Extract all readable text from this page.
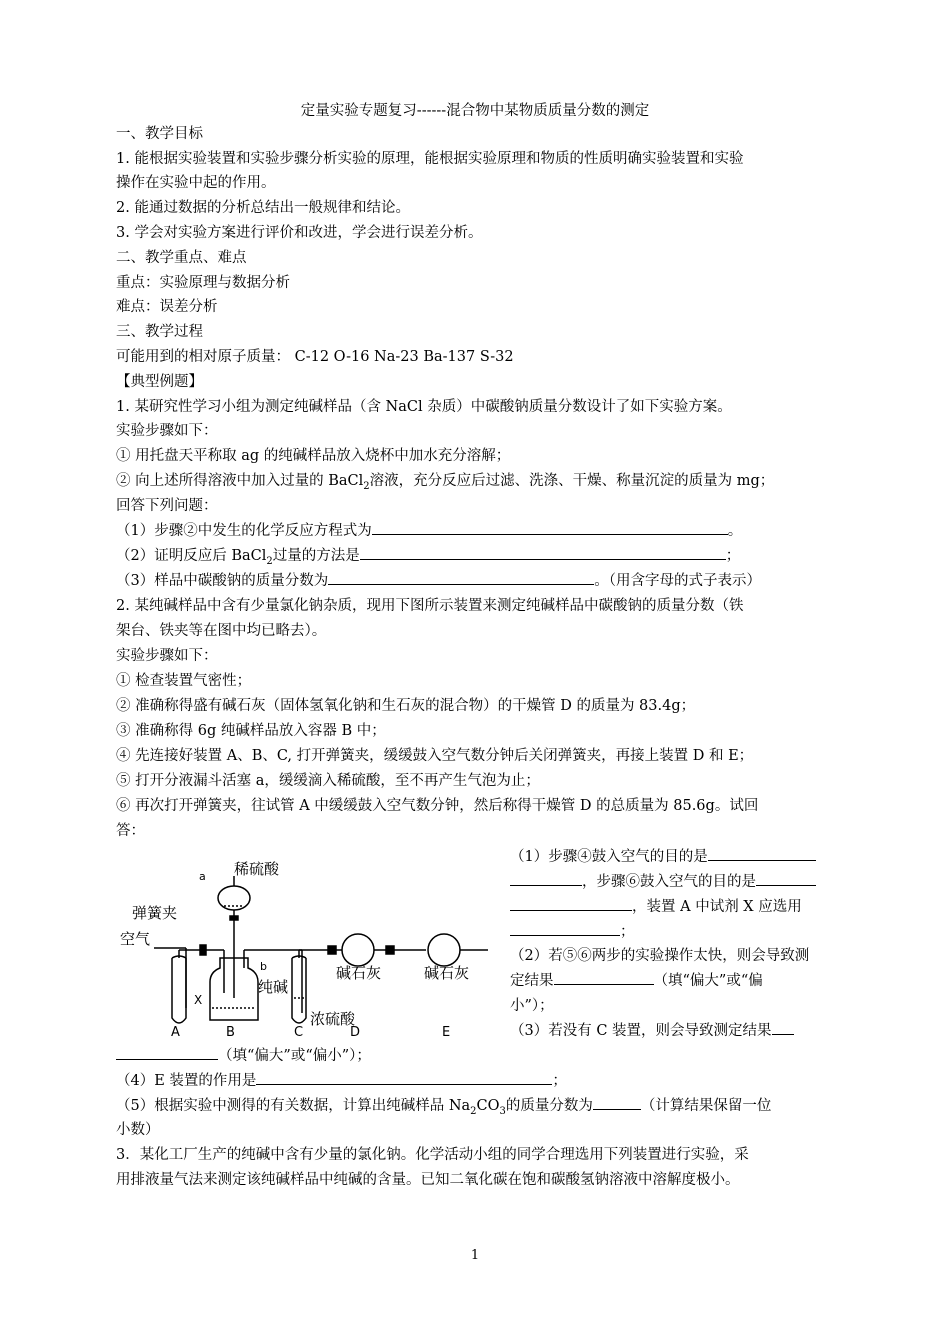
定量实验专题复习------混合物中某物质质量分数的测定
一、教学目标
1. 能根据实验装置和实验步骤分析实验的原理，能根据实验原理和物质的性质明确实验装置和实验
操作在实验中起的作用。
2. 能通过数据的分析总结出一般规律和结论。
3. 学会对实验方案进行评价和改进，学会进行误差分析。
二、教学重点、难点
重点：实验原理与数据分析
难点：误差分析
三、教学过程
可能用到的相对原子质量： C-12 O-16 Na-23 Ba-137 S-32
【典型例题】
1. 某研究性学习小组为测定纯碱样品（含 NaCl 杂质）中碳酸钠质量分数设计了如下实验方案。
实验步骤如下：
① 用托盘天平称取 ag 的纯碱样品放入烧杯中加水充分溶解；
② 向上述所得溶液中加入过量的 BaCl$_2$溶液，充分反应后过滤、洗涤、干燥、称量沉淀的质量为 mg；
回答下列问题：
（1）步骤②中发生的化学反应方程式为	。
（2）证明反应后 BaCl$_2$过量的方法是	；
（3）样品中碳酸钠的质量分数为	。（用含字母的式子表示）
2. 某纯碱样品中含有少量氯化钠杂质，现用下图所示装置来测定纯碱样品中碳酸钠的质量分数（铁
架台、铁夹等在图中均已略去）。
实验步骤如下：
① 检查装置气密性；
② 准确称得盛有碱石灰（固体氢氧化钠和生石灰的混合物）的干燥管 D 的质量为 83.4g；
③ 准确称得 6g 纯碱样品放入容器 B 中；
④ 先连接好装置 A、B、C, 打开弹簧夹，缓缓鼓入空气数分钟后关闭弹簧夹，再接上装置 D 和 E；
⑤ 打开分液漏斗活塞 a，缓缓滴入稀硫酸，至不再产生气泡为止；
⑥ 再次打开弹簧夹，往试管 A 中缓缓鼓入空气数分钟，然后称得干燥管 D 的总质量为 85.6g。试回
答：
（1）步骤④鼓入空气的目的是
，步骤⑥鼓入空气的目的是
，装置 A 中试剂 X 应选用
；
（2）若⑤⑥两步的实验操作太快，则会导致测
定结果	（填“偏大”或“偏
小”）；
（3）若没有 C 装置，则会导致测定结果
（填“偏大”或“偏小”）；
（4）E 装置的作用是	；
（5）根据实验中测得的有关数据，计算出纯碱样品 $Na_2CO_3$的质量分数为	（计算结果保留一位
小数）
3．某化工厂生产的纯碱中含有少量的氯化钠。化学活动小组的同学合理选用下列装置进行实验，采
用排液量气法来测定该纯碱样品中纯碱的含量。已知二氧化碳在饱和碳酸氢钠溶液中溶解度极小。
稀硫酸
a
弹簧夹
空气
b
纯碱
X
浓硫酸
碱石灰	碱石灰
A	B	C	D	E
1
